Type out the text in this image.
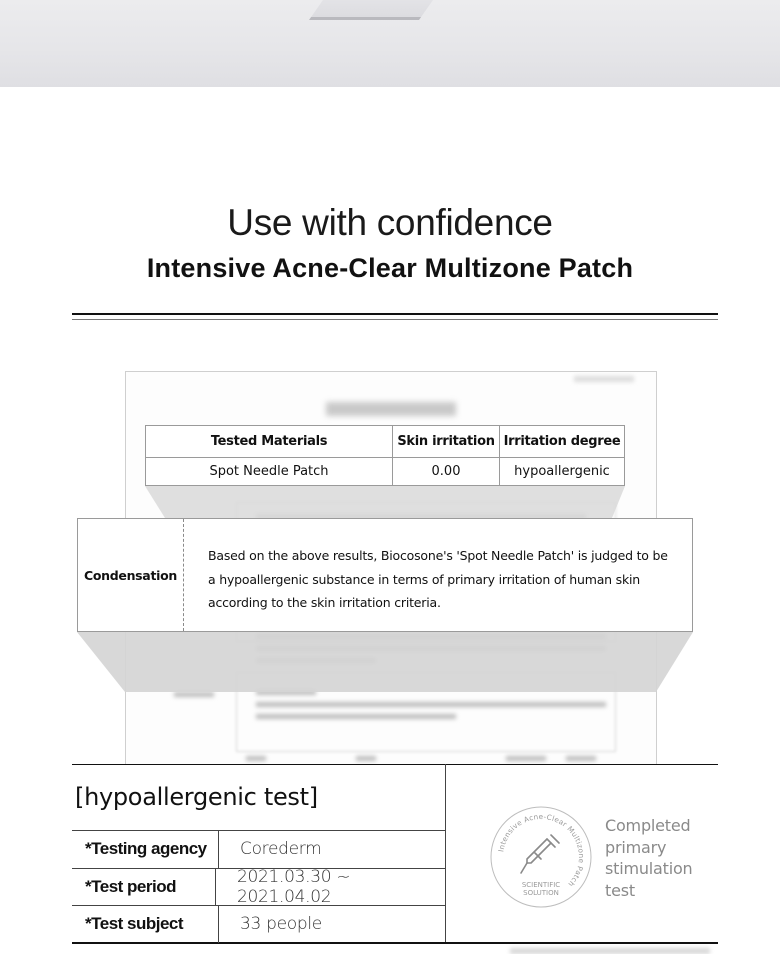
Use with confidence
Intensive Acne-Clear Multizone Patch
Tested Materials	Skin irritation	Irritation degree
Spot Needle Patch	0.00	hypoallergenic
Condensation
Based on the above results, Biocosone's 'Spot Needle Patch' is judged to be a hypoallergenic substance in terms of primary irritation of human skin according to the skin irritation criteria.
[hypoallergenic test]
*Testing agency	Corederm
*Test period	2021.03.30 ~ 2021.04.02
*Test subject	33 people
Intensive Acne-Clear Multizone Patch
SCIENTIFIC
SOLUTION
Completed primary stimulation test
